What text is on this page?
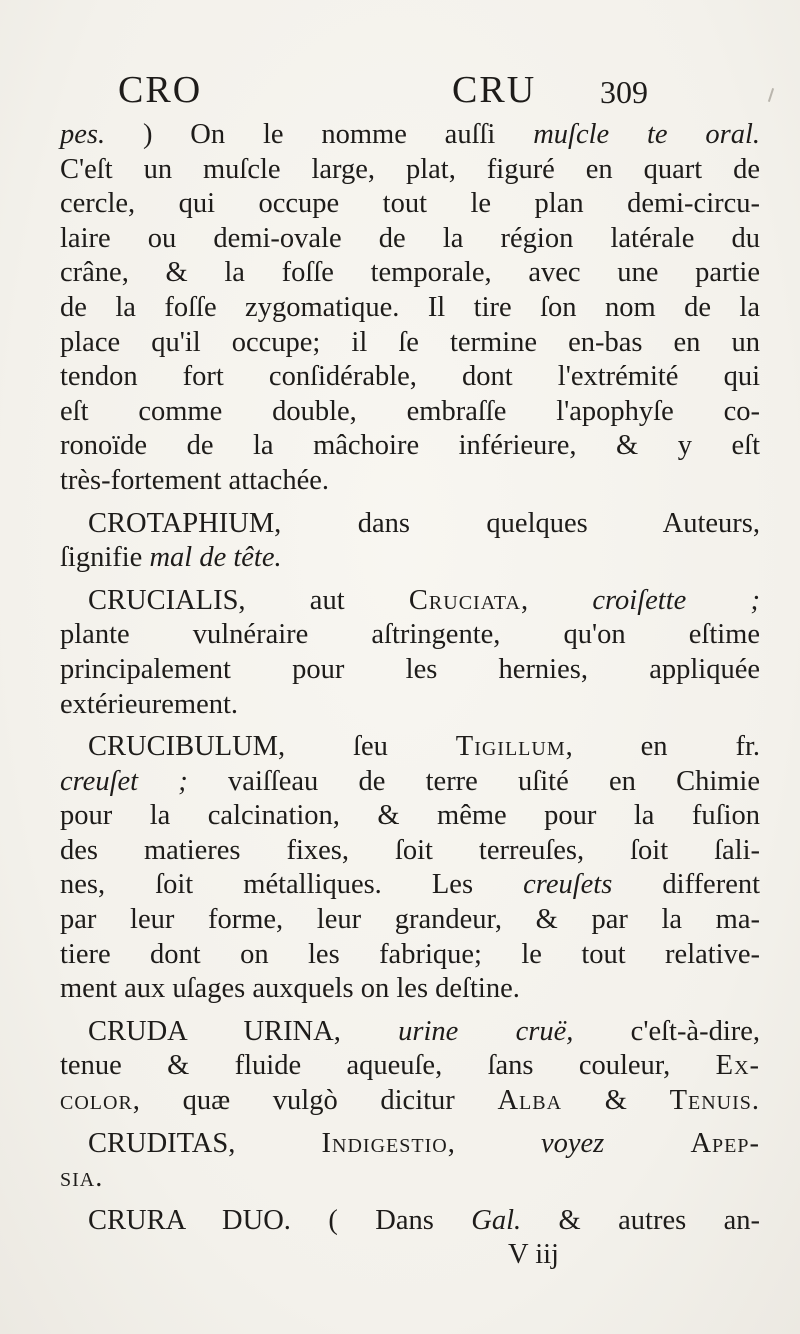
CRO	CRU 309
pes. ) On le nomme auſſi muſcle te oral.
C'eſt un muſcle large, plat, figuré en quart de
cercle, qui occupe tout le plan demi-circu-
laire ou demi-ovale de la région latérale du
crâne, & la foſſe temporale, avec une partie
de la foſſe zygomatique. Il tire ſon nom de la
place qu'il occupe; il ſe termine en-bas en un
tendon fort conſidérable, dont l'extrémité qui
eſt comme double, embraſſe l'apophyſe co-
ronoïde de la mâchoire inférieure, & y eſt
très-fortement attachée.
CROTAPHIUM, dans quelques Auteurs,
ſignifie mal de tête.
CRUCIALIS, aut Cruciata, croiſette ;
plante vulnéraire aſtringente, qu'on eſtime
principalement pour les hernies, appliquée
extérieurement.
CRUCIBULUM, ſeu Tigillum, en fr.
creuſet ; vaiſſeau de terre uſité en Chimie
pour la calcination, & même pour la fuſion
des matieres fixes, ſoit terreuſes, ſoit ſali-
nes, ſoit métalliques. Les creuſets different
par leur forme, leur grandeur, & par la ma-
tiere dont on les fabrique; le tout relative-
ment aux uſages auxquels on les deſtine.
CRUDA URINA, urine cruë, c'eſt-à-dire,
tenue & fluide aqueuſe, ſans couleur, Ex-
color, quæ vulgò dicitur Alba & Tenuis.
CRUDITAS,	Indigestio,	voyez	Apep-
sia.
CRURA DUO. ( Dans Gal. & autres an-
V iij
